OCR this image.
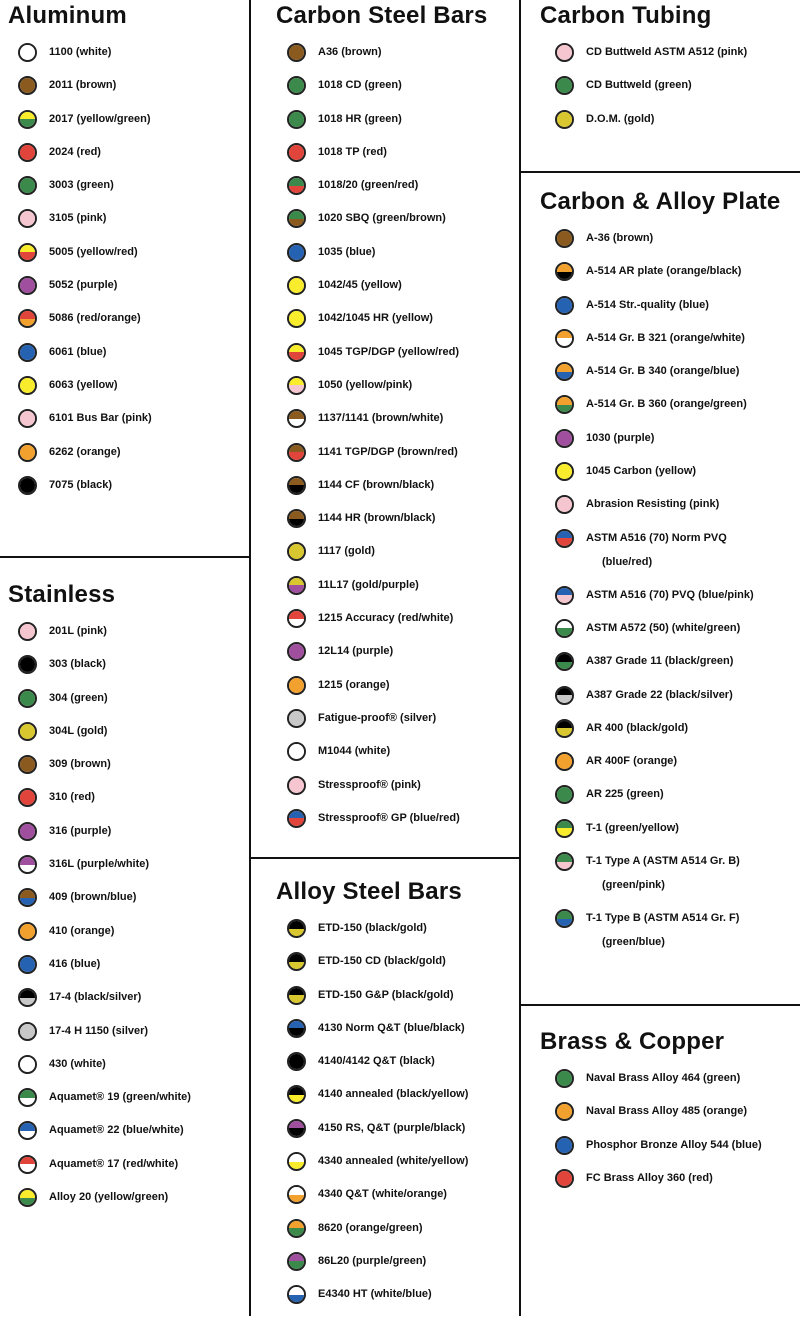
Aluminum
1100 (white)
2011 (brown)
2017 (yellow/green)
2024 (red)
3003 (green)
3105 (pink)
5005 (yellow/red)
5052 (purple)
5086 (red/orange)
6061 (blue)
6063 (yellow)
6101 Bus Bar (pink)
6262 (orange)
7075 (black)
Stainless
201L (pink)
303 (black)
304 (green)
304L (gold)
309 (brown)
310 (red)
316 (purple)
316L (purple/white)
409 (brown/blue)
410 (orange)
416 (blue)
17-4 (black/silver)
17-4 H 1150 (silver)
430 (white)
Aquamet® 19 (green/white)
Aquamet® 22 (blue/white)
Aquamet® 17 (red/white)
Alloy 20 (yellow/green)
Carbon Steel Bars
A36 (brown)
1018 CD (green)
1018 HR (green)
1018 TP (red)
1018/20 (green/red)
1020 SBQ (green/brown)
1035 (blue)
1042/45 (yellow)
1042/1045 HR (yellow)
1045 TGP/DGP (yellow/red)
1050 (yellow/pink)
1137/1141 (brown/white)
1141 TGP/DGP (brown/red)
1144 CF (brown/black)
1144 HR (brown/black)
1117 (gold)
11L17 (gold/purple)
1215 Accuracy (red/white)
12L14 (purple)
1215 (orange)
Fatigue-proof® (silver)
M1044 (white)
Stressproof® (pink)
Stressproof® GP (blue/red)
Alloy Steel Bars
ETD-150 (black/gold)
ETD-150 CD (black/gold)
ETD-150 G&P (black/gold)
4130 Norm Q&T (blue/black)
4140/4142 Q&T (black)
4140 annealed (black/yellow)
4150 RS, Q&T (purple/black)
4340 annealed (white/yellow)
4340 Q&T (white/orange)
8620 (orange/green)
86L20 (purple/green)
E4340 HT (white/blue)
Carbon Tubing
CD Buttweld ASTM A512 (pink)
CD Buttweld (green)
D.O.M. (gold)
Carbon & Alloy Plate
A-36 (brown)
A-514 AR plate (orange/black)
A-514 Str.-quality (blue)
A-514 Gr. B 321 (orange/white)
A-514 Gr. B 340 (orange/blue)
A-514 Gr. B 360 (orange/green)
1030 (purple)
1045 Carbon (yellow)
Abrasion Resisting (pink)
ASTM A516 (70) Norm PVQ
(blue/red)
ASTM A516 (70) PVQ (blue/pink)
ASTM A572 (50) (white/green)
A387 Grade 11 (black/green)
A387 Grade 22 (black/silver)
AR 400 (black/gold)
AR 400F (orange)
AR 225 (green)
T-1 (green/yellow)
T-1 Type A (ASTM A514 Gr. B)
(green/pink)
T-1 Type B (ASTM A514 Gr. F)
(green/blue)
Brass & Copper
Naval Brass Alloy 464 (green)
Naval Brass Alloy 485 (orange)
Phosphor Bronze Alloy 544 (blue)
FC Brass Alloy 360 (red)
